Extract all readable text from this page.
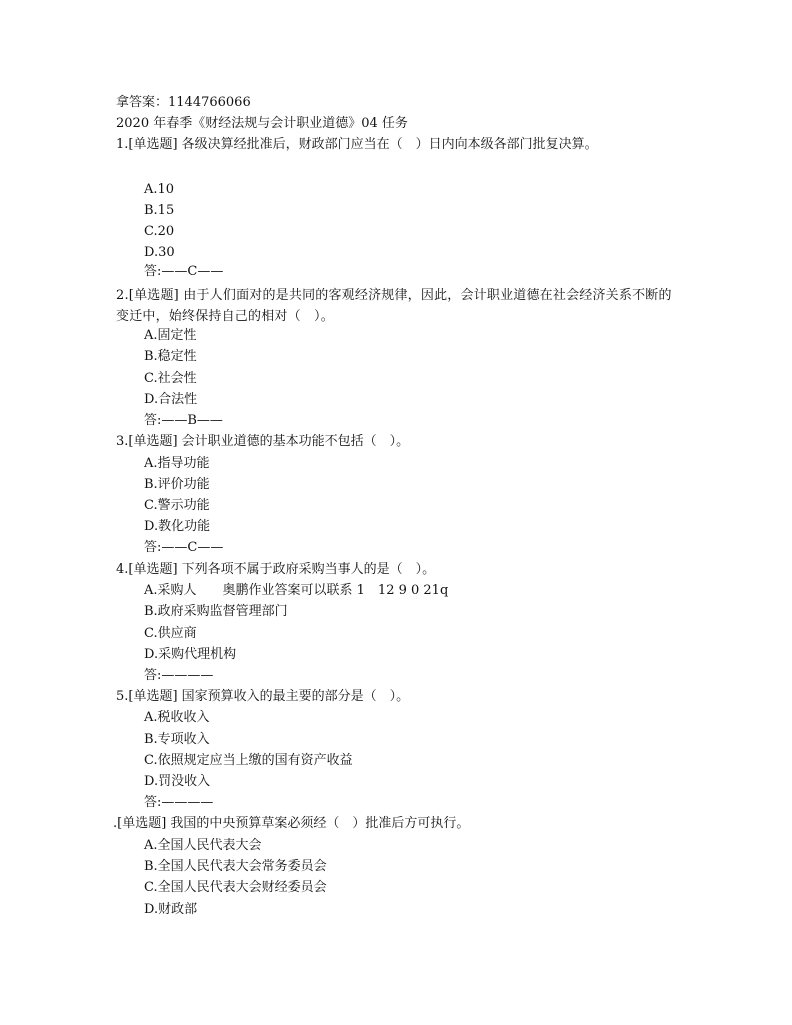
拿答案：1144766066
2020 年春季《财经法规与会计职业道德》04 任务
1.[单选题] 各级决算经批准后，财政部门应当在（　）日内向本级各部门批复决算。
A.10
B.15
C.20
D.30
答:——C——
2.[单选题] 由于人们面对的是共同的客观经济规律，因此，会计职业道德在社会经济关系不断的变迁中，始终保持自己的相对（　）。
A.固定性
B.稳定性
C.社会性
D.合法性
答:——B——
3.[单选题] 会计职业道德的基本功能不包括（　）。
A.指导功能
B.评价功能
C.警示功能
D.教化功能
答:——C——
4.[单选题] 下列各项不属于政府采购当事人的是（　）。
A.采购人　　奥鹏作业答案可以联系 1　12 9 0 21q
B.政府采购监督管理部门
C.供应商
D.采购代理机构
答:————
5.[单选题] 国家预算收入的最主要的部分是（　）。
A.税收收入
B.专项收入
C.依照规定应当上缴的国有资产收益
D.罚没收入
答:————
.[单选题] 我国的中央预算草案必须经（　）批准后方可执行。
A.全国人民代表大会
B.全国人民代表大会常务委员会
C.全国人民代表大会财经委员会
D.财政部
